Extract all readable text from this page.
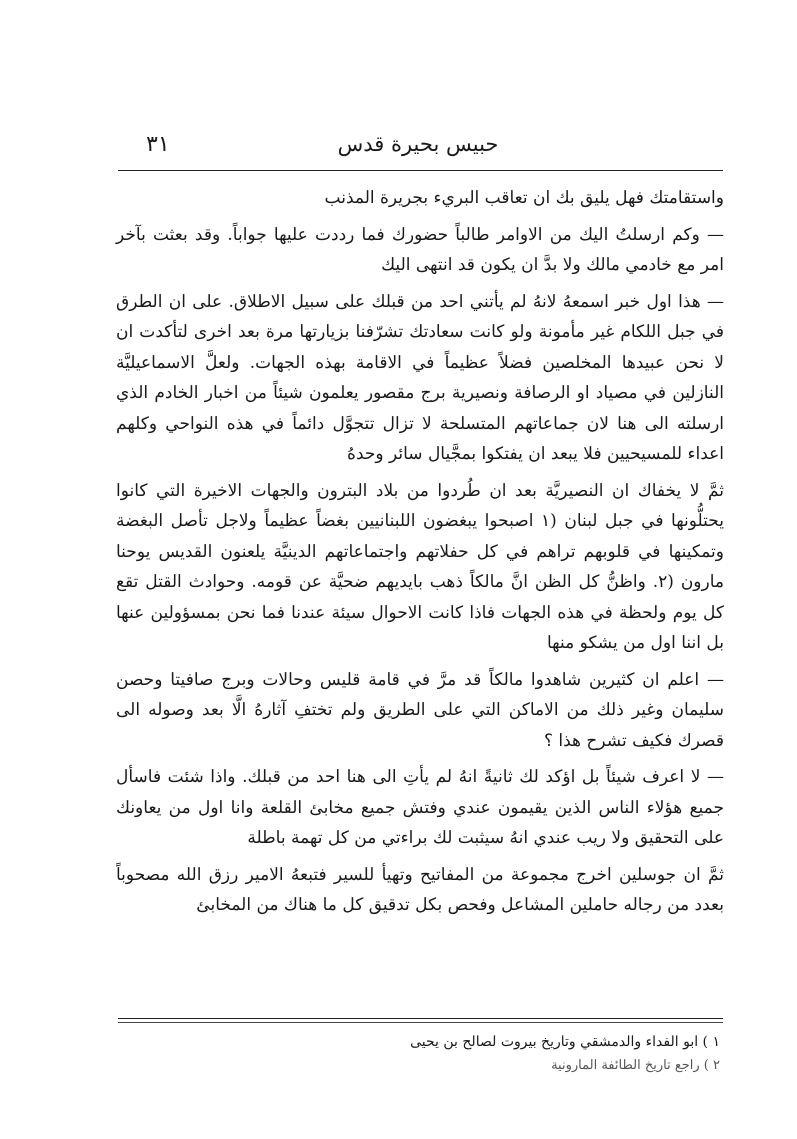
٣١	حبيس بحيرة قدس

واستقامتك فهل يليق بك ان تعاقب البريء بجريرة المذنب

— وكم ارسلتُ اليك من الاوامر طالباً حضورك فما رددت عليها جواباً. وقد بعثت بآخر امر مع خادمي مالك ولا بدَّ ان يكون قد انتهى اليك

— هذا اول خبر اسمعهُ لانهُ لم يأتني احد من قبلك على سبيل الاطلاق. على ان الطرق في جبل اللكام غير مأمونة ولو كانت سعادتك تشرّفنا بزيارتها مرة بعد اخرى لتأكدت ان لا نحن عبيدها المخلصين فضلاً عظيماً في الاقامة بهذه الجهات. ولعلَّ الاسماعيليَّة النازلين في مصياد او الرصافة ونصيرية برج مقصور يعلمون شيئاً من اخبار الخادم الذي ارسلته الى هنا لان جماعاتهم المتسلحة لا تزال تتجوَّل دائماً في هذه النواحي وكلهم اعداء للمسيحيين فلا يبعد ان يفتكوا بمجَّيال سائر وحدهُ

ثمَّ لا يخفاك ان النصيريَّة بعد ان طُردوا من بلاد البترون والجهات الاخيرة التي كانوا يحتلُّونها في جبل لبنان (١ اصبحوا يبغضون اللبنانيين بغضاً عظيماً ولاجل تأصل البغضة وتمكينها في قلوبهم تراهم في كل حفلاتهم واجتماعاتهم الدينيَّة يلعنون القديس يوحنا مارون (٢. واظنُّ كل الظن انَّ مالكاً ذهب بايديهم ضحيَّة عن قومه. وحوادث القتل تقع كل يوم ولحظة في هذه الجهات فاذا كانت الاحوال سيئة عندنا فما نحن بمسؤولين عنها بل اننا اول من يشكو منها

— اعلم ان كثيرين شاهدوا مالكاً قد مرَّ في قامة قليس وحالات وبرج صافيتا وحصن سليمان وغير ذلك من الاماكن التي على الطريق ولم تختفِ آثارهُ الَّا بعد وصوله الى قصرك فكيف تشرح هذا ؟

— لا اعرف شيئاً بل اؤكد لك ثانيةً انهُ لم يأتِ الى هنا احد من قبلك. واذا شئت فاسأل جميع هؤلاء الناس الذين يقيمون عندي وفتش جميع مخابئ القلعة وانا اول من يعاونك على التحقيق ولا ريب عندي انهُ سيثبت لك براءتي من كل تهمة باطلة

ثمَّ ان جوسلين اخرج مجموعة من المفاتيح وتهيأ للسير فتبعهُ الامير رزق الله مصحوباً بعدد من رجاله حاملين المشاعل وفحص بكل تدقيق كل ما هناك من المخابئ

١ ) ابو الفداء والدمشقي وتاريخ بيروت لصالح بن يحيى

٢ ) راجع تاريخ الطائفة المارونية
